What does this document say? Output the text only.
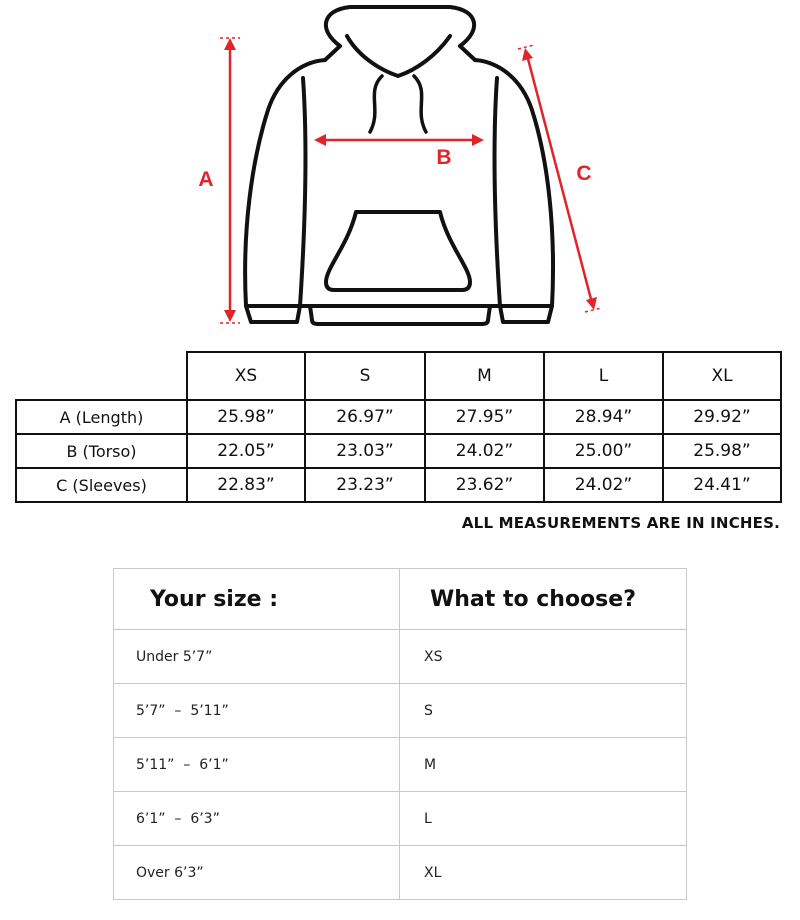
A
B
C
	XS	S	M	L	XL
A (Length)	25.98”	26.97”	27.95”	28.94”	29.92”
B (Torso)	22.05”	23.03”	24.02”	25.00”	25.98”
C (Sleeves)	22.83”	23.23”	23.62”	24.02”	24.41”
ALL MEASUREMENTS ARE IN INCHES.
Your size :	What to choose?
Under 5’7”	XS
5’7”  –  5’11”	S
5’11”  –  6’1”	M
6’1”  –  6’3”	L
Over 6’3”	XL
